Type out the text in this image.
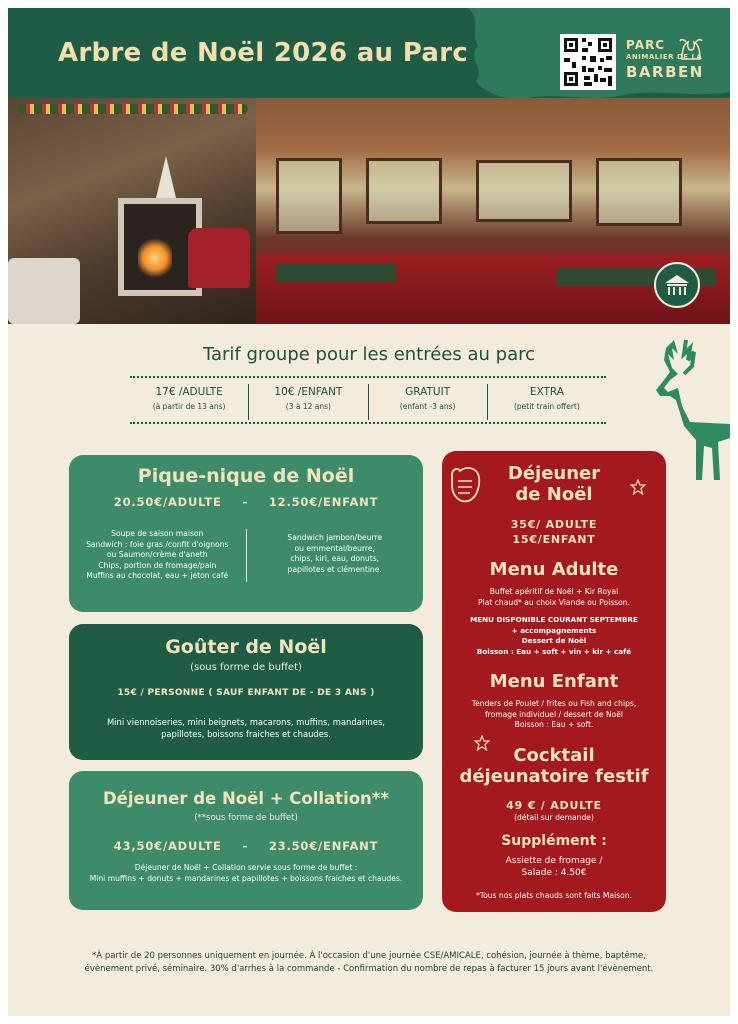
Arbre de Noël 2026 au Parc	PARC
ANIMALIER DE LA
BARBEN
Tarif groupe pour les entrées au parc
17€ /ADULTE
(à partir de 13 ans)
10€ /ENFANT
(3 à 12 ans)
GRATUIT
(enfant -3 ans)
EXTRA
(petit train offert)
Pique-nique de Noël
20.50€/ADULTE - 12.50€/ENFANT
Soupe de saison maison
Sandwich : foie gras /confit d'oignons
ou Saumon/crème d'aneth
Chips, portion de fromage/pain
Muffins au chocolat, eau + jeton café
Sandwich jambon/beurre
ou emmental/beurre,
chips, kiri, eau, donuts,
papillotes et clémentine.
Goûter de Noël
(sous forme de buffet)
15€ / PERSONNE ( SAUF ENFANT DE - DE 3 ANS )
Mini viennoiseries, mini beignets, macarons, muffins, mandarines,
papillotes, boissons fraiches et chaudes.
Déjeuner de Noël + Collation**
(**sous forme de buffet)
43,50€/ADULTE - 23.50€/ENFANT
Déjeuner de Noël + Collation servie sous forme de buffet :
Mini muffins + donuts + mandarines et papillotes + boissons fraiches et chaudes.
Déjeuner
de Noël
35€/ ADULTE
15€/ENFANT
Menu Adulte
Buffet apéritif de Noël + Kir Royal
Plat chaud* au choix Viande ou Poisson.
MENU DISPONIBLE COURANT SEPTEMBRE
+ accompagnements
Dessert de Noël
Boisson : Eau + soft + vin + kir + café
Menu Enfant
Tenders de Poulet / frites ou Fish and chips,
fromage individuel / dessert de Noël
Boisson : Eau + soft.
Cocktail
déjeunatoire festif
49 € / ADULTE
(détail sur demande)
Supplément :
Assiette de fromage /
Salade : 4.50€
*Tous nos plats chauds sont faits Maison.
*À partir de 20 personnes uniquement en journée. À l'occasion d'une journée CSE/AMICALE, cohésion, journée à thème, baptême,
évènement privé, séminaire. 30% d'arrhes à la commande - Confirmation du nombre de repas à facturer 15 jours avant l'évènement.
